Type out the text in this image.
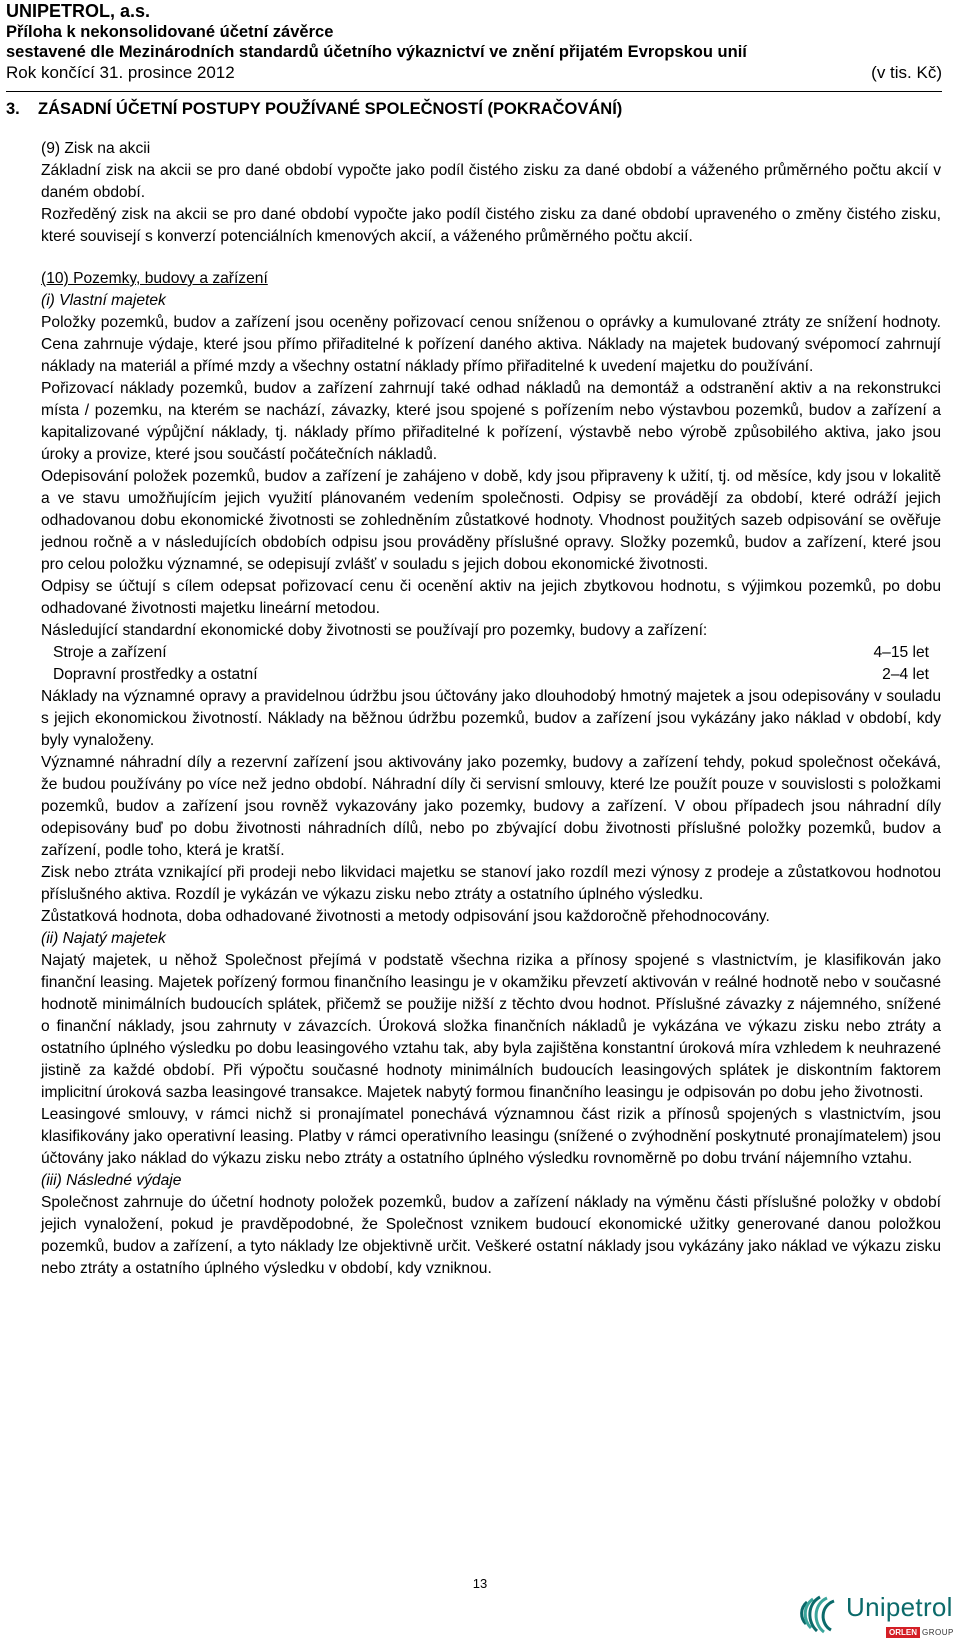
UNIPETROL, a.s.
Příloha k nekonsolidované účetní závěrce
sestavené dle Mezinárodních standardů účetního výkaznictví ve znění přijatém Evropskou unií
Rok končící 31. prosince 2012	(v tis. Kč)
3. ZÁSADNÍ ÚČETNÍ POSTUPY POUŽÍVANÉ SPOLEČNOSTÍ (POKRAČOVÁNÍ)

(9) Zisk na akcii

Základní zisk na akcii se pro dané období vypočte jako podíl čistého zisku za dané období a váženého průměrného počtu akcií v daném období.

Rozředěný zisk na akcii se pro dané období vypočte jako podíl čistého zisku za dané období upraveného o změny čistého zisku, které souvisejí s konverzí potenciálních kmenových akcií, a váženého průměrného počtu akcií.

(10) Pozemky, budovy a zařízení

(i) Vlastní majetek

Položky pozemků, budov a zařízení jsou oceněny pořizovací cenou sníženou o oprávky a kumulované ztráty ze snížení hodnoty. Cena zahrnuje výdaje, které jsou přímo přiřaditelné k pořízení daného aktiva. Náklady na majetek budovaný svépomocí zahrnují náklady na materiál a přímé mzdy a všechny ostatní náklady přímo přiřaditelné k uvedení majetku do používání.

Pořizovací náklady pozemků, budov a zařízení zahrnují také odhad nákladů na demontáž a odstranění aktiv a na rekonstrukci místa / pozemku, na kterém se nachází, závazky, které jsou spojené s pořízením nebo výstavbou pozemků, budov a zařízení a kapitalizované výpůjční náklady, tj. náklady přímo přiřaditelné k pořízení, výstavbě nebo výrobě způsobilého aktiva, jako jsou úroky a provize, které jsou součástí počátečních nákladů.

Odepisování položek pozemků, budov a zařízení je zahájeno v době, kdy jsou připraveny k užití, tj. od měsíce, kdy jsou v lokalitě a ve stavu umožňujícím jejich využití plánovaném vedením společnosti. Odpisy se provádějí za období, které odráží jejich odhadovanou dobu ekonomické životnosti se zohledněním zůstatkové hodnoty. Vhodnost použitých sazeb odpisování se ověřuje jednou ročně a v následujících obdobích odpisu jsou prováděny příslušné opravy. Složky pozemků, budov a zařízení, které jsou pro celou položku významné, se odepisují zvlášť v souladu s jejich dobou ekonomické životnosti.

Odpisy se účtují s cílem odepsat pořizovací cenu či ocenění aktiv na jejich zbytkovou hodnotu, s výjimkou pozemků, po dobu odhadované životnosti majetku lineární metodou.

Následující standardní ekonomické doby životnosti se používají pro pozemky, budovy a zařízení:

Stroje a zařízení	4–15 let
Dopravní prostředky a ostatní	2–4 let

Náklady na významné opravy a pravidelnou údržbu jsou účtovány jako dlouhodobý hmotný majetek a jsou odepisovány v souladu s jejich ekonomickou životností. Náklady na běžnou údržbu pozemků, budov a zařízení jsou vykázány jako náklad v období, kdy byly vynaloženy.

Významné náhradní díly a rezervní zařízení jsou aktivovány jako pozemky, budovy a zařízení tehdy, pokud společnost očekává, že budou používány po více než jedno období. Náhradní díly či servisní smlouvy, které lze použít pouze v souvislosti s položkami pozemků, budov a zařízení jsou rovněž vykazovány jako pozemky, budovy a zařízení. V obou případech jsou náhradní díly odepisovány buď po dobu životnosti náhradních dílů, nebo po zbývající dobu životnosti příslušné položky pozemků, budov a zařízení, podle toho, která je kratší.

Zisk nebo ztráta vznikající při prodeji nebo likvidaci majetku se stanoví jako rozdíl mezi výnosy z prodeje a zůstatkovou hodnotou příslušného aktiva. Rozdíl je vykázán ve výkazu zisku nebo ztráty a ostatního úplného výsledku.

Zůstatková hodnota, doba odhadované životnosti a metody odpisování jsou každoročně přehodnocovány.

(ii) Najatý majetek

Najatý majetek, u něhož Společnost přejímá v podstatě všechna rizika a přínosy spojené s vlastnictvím, je klasifikován jako finanční leasing. Majetek pořízený formou finančního leasingu je v okamžiku převzetí aktivován v reálné hodnotě nebo v současné hodnotě minimálních budoucích splátek, přičemž se použije nižší z těchto dvou hodnot. Příslušné závazky z nájemného, snížené o finanční náklady, jsou zahrnuty v závazcích. Úroková složka finančních nákladů je vykázána ve výkazu zisku nebo ztráty a ostatního úplného výsledku po dobu leasingového vztahu tak, aby byla zajištěna konstantní úroková míra vzhledem k neuhrazené jistině za každé období. Při výpočtu současné hodnoty minimálních budoucích leasingových splátek je diskontním faktorem implicitní úroková sazba leasingové transakce. Majetek nabytý formou finančního leasingu je odpisován po dobu jeho životnosti.

Leasingové smlouvy, v rámci nichž si pronajímatel ponechává významnou část rizik a přínosů spojených s vlastnictvím, jsou klasifikovány jako operativní leasing. Platby v rámci operativního leasingu (snížené o zvýhodnění poskytnuté pronajímatelem) jsou účtovány jako náklad do výkazu zisku nebo ztráty a ostatního úplného výsledku rovnoměrně po dobu trvání nájemního vztahu.

(iii) Následné výdaje

Společnost zahrnuje do účetní hodnoty položek pozemků, budov a zařízení náklady na výměnu části příslušné položky v období jejich vynaložení, pokud je pravděpodobné, že Společnost vznikem budoucí ekonomické užitky generované danou položkou pozemků, budov a zařízení, a tyto náklady lze objektivně určit. Veškeré ostatní náklady jsou vykázány jako náklad ve výkazu zisku nebo ztráty a ostatního úplného výsledku v období, kdy vzniknou.

13
Unipetrol
ORLEN GROUP
